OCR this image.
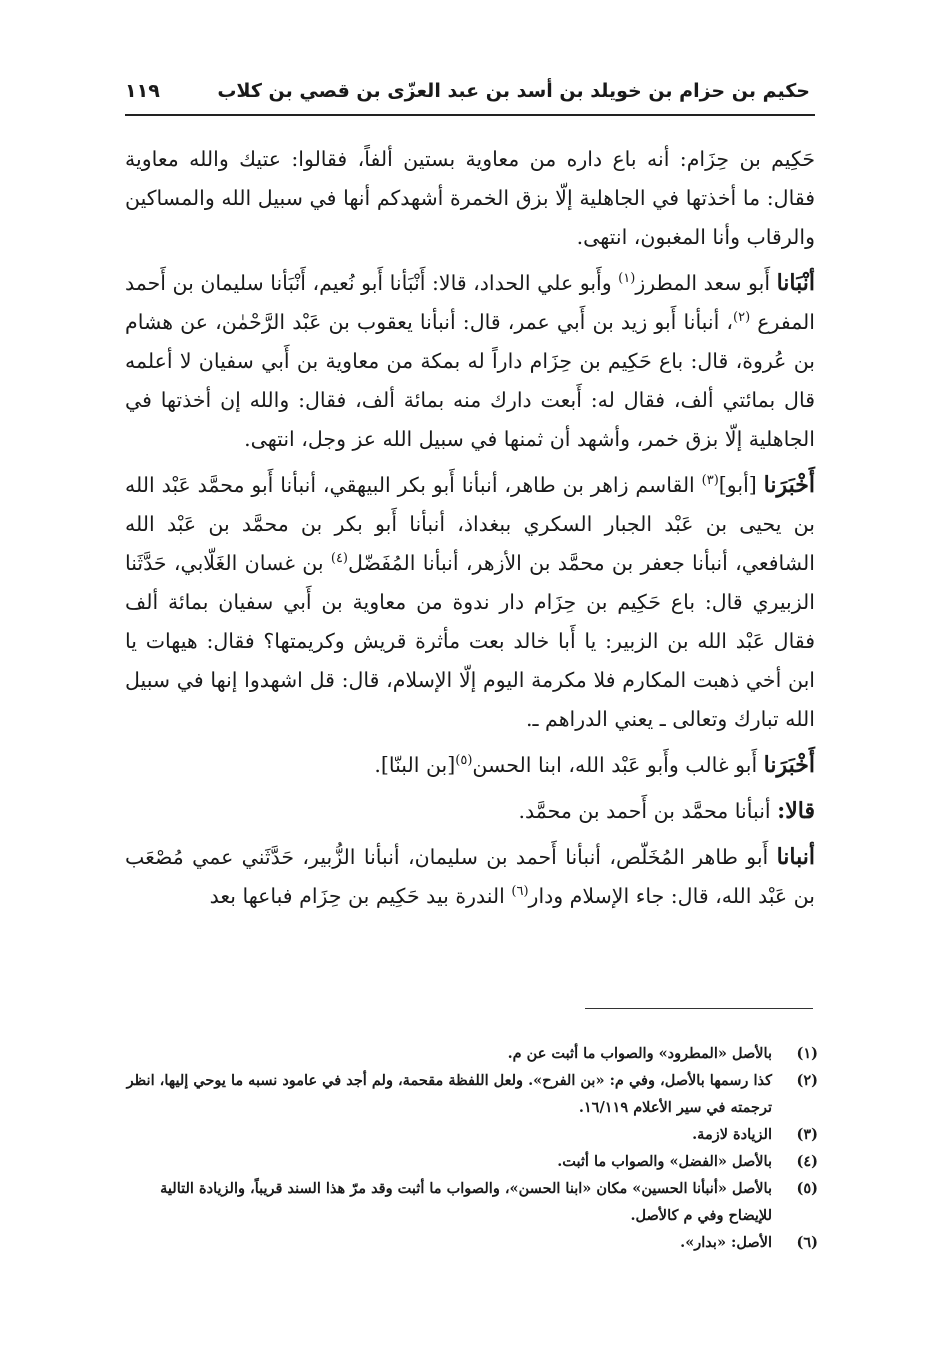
حكيم بن حزام بن خويلد بن أسد بن عبد العزّى بن قصي بن كلاب
١١٩

حَكِيم بن حِزَام: أنه باع داره من معاوية بستين ألفاً، فقالوا: عتيك والله معاوية فقال: ما أخذتها في الجاهلية إلّا بزق الخمرة أشهدكم أنها في سبيل الله والمساكين والرقاب وأنا المغبون، انتهى.

أنْبَانا أَبو سعد المطرز$^{(١)}$ وأَبو علي الحداد، قالا: أَنْبَأنا أَبو نُعيم، أَنْبَأنا سليمان بن أَحمد المفرع $^{(٢)}$، أنبأنا أَبو زيد بن أَبي عمر، قال: أنبأنا يعقوب بن عَبْد الرَّحْمٰن، عن هشام بن عُروة، قال: باع حَكِيم بن حِزَام داراً له بمكة من معاوية بن أَبي سفيان لا أعلمه قال بمائتي ألف، فقال له: أَبعت دارك منه بمائة ألف، فقال: والله إن أخذتها في الجاهلية إلّا بزق خمر، وأشهد أن ثمنها في سبيل الله عز وجل، انتهى.

أَخْبَرَنا [أبو]$^{(٣)}$ القاسم زاهر بن طاهر، أنبأنا أَبو بكر البيهقي، أنبأنا أَبو محمَّد عَبْد الله بن يحيى بن عَبْد الجبار السكري ببغداذ، أنبأنا أَبو بكر بن محمَّد بن عَبْد الله الشافعي، أنبأنا جعفر بن محمَّد بن الأزهر، أنبأنا المُفَضّل$^{(٤)}$ بن غسان الغَلّابي، حَدَّثَنا الزبيري قال: باع حَكِيم بن حِزَام دار ندوة من معاوية بن أَبي سفيان بمائة ألف فقال عَبْد الله بن الزبير: يا أَبا خالد بعت مأثرة قريش وكريمتها؟ فقال: هيهات يا ابن أخي ذهبت المكارم فلا مكرمة اليوم إلّا الإسلام، قال: قل اشهدوا إنها في سبيل الله تبارك وتعالى ـ يعني الدراهم ـ.

أَخْبَرَنا أَبو غالب وأَبو عَبْد الله، ابنا الحسن$^{(٥)}$[بن البنّا].

قالا: أنبأنا محمَّد بن أَحمد بن محمَّد.

أنبانا أَبو طاهر المُخَلّص، أنبأنا أَحمد بن سليمان، أنبأنا الزُّبير، حَدَّثَني عمي مُصْعَب بن عَبْد الله، قال: جاء الإسلام ودار$^{(٦)}$ الندرة بيد حَكِيم بن حِزَام فباعها بعد

(١)
بالأصل «المطرود» والصواب ما أثبت عن م.
(٢)
كذا رسمها بالأصل، وفي م: «بن الفرح». ولعل اللفظة مقحمة، ولم أجد في عامود نسبه ما يوحي إليها، انظر ترجمته في سير الأعلام ١٦/١١٩.
(٣)
الزيادة لازمة.
(٤)
بالأصل «الفضل» والصواب ما أثبت.
(٥)
بالأصل «أنبأنا الحسين» مكان «ابنا الحسن»، والصواب ما أثبت وقد مرّ هذا السند قريباً، والزيادة التالية للإيضاح وفي م كالأصل.
(٦)
الأصل: «بدار».
